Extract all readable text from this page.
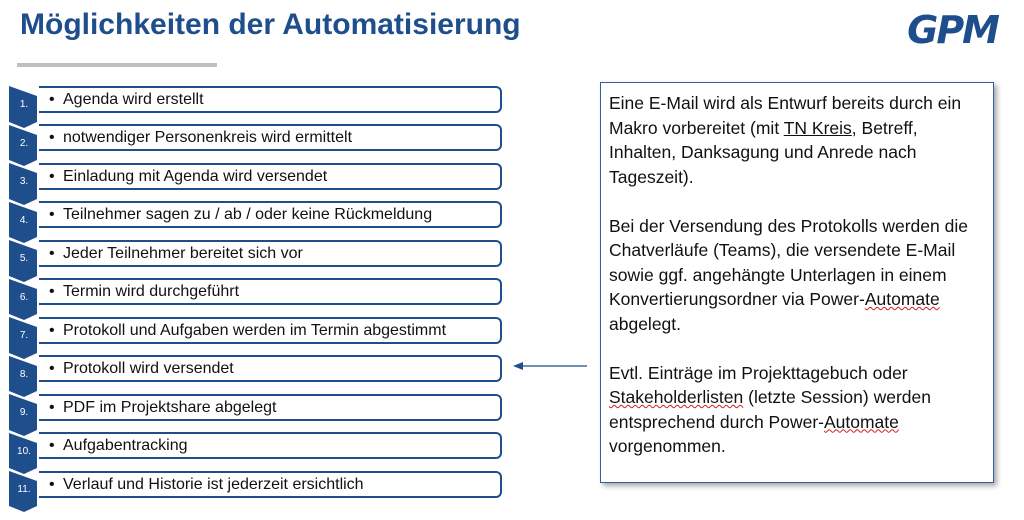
Möglichkeiten der Automatisierung	GPM
1.
2.
3.
4.
5.
6.
7.
8.
9.
10.
11.
• Agenda wird erstellt
• notwendiger Personenkreis wird ermittelt
• Einladung mit Agenda wird versendet
• Teilnehmer sagen zu / ab / oder keine Rückmeldung
• Jeder Teilnehmer bereitet sich vor
• Termin wird durchgeführt
• Protokoll und Aufgaben werden im Termin abgestimmt
• Protokoll wird versendet
• PDF im Projektshare abgelegt
• Aufgabentracking
• Verlauf und Historie ist jederzeit ersichtlich

Eine E-Mail wird als Entwurf bereits durch ein Makro vorbereitet (mit TN Kreis, Betreff, Inhalten, Danksagung und Anrede nach Tageszeit).

Bei der Versendung des Protokolls werden die Chatverläufe (Teams), die versendete E-Mail sowie ggf. angehängte Unterlagen in einem Konvertierungsordner via Power-Automate abgelegt.

Evtl. Einträge im Projekttagebuch oder Stakeholderlisten (letzte Session) werden entsprechend durch Power-Automate vorgenommen.
